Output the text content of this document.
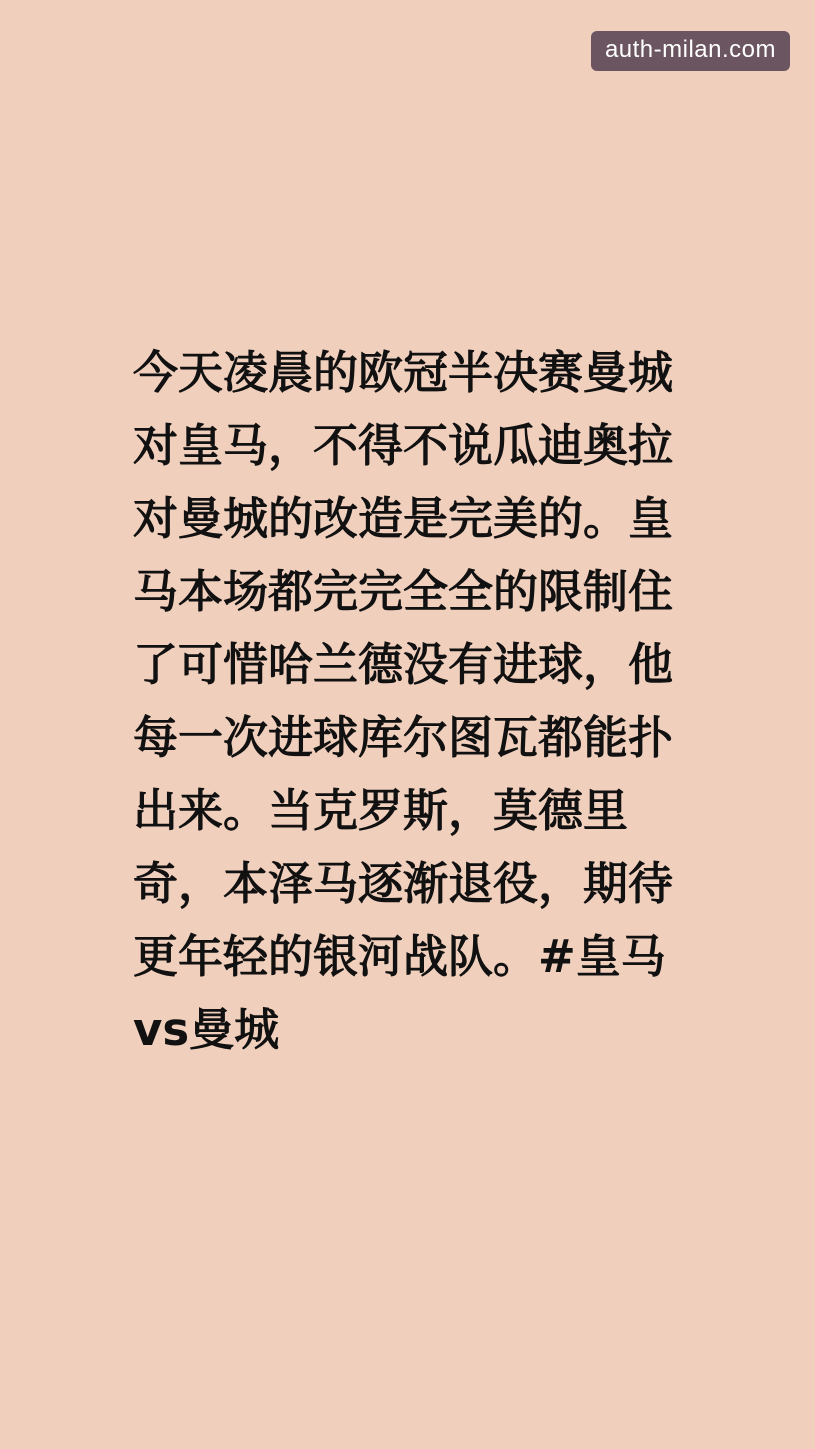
auth-milan.com

今天凌晨的欧冠半决赛曼城对皇马，不得不说瓜迪奥拉对曼城的改造是完美的。皇马本场都完完全全的限制住了可惜哈兰德没有进球，他每一次进球库尔图瓦都能扑出来。当克罗斯，莫德里奇，本泽马逐渐退役，期待更年轻的银河战队。#皇马vs曼城
